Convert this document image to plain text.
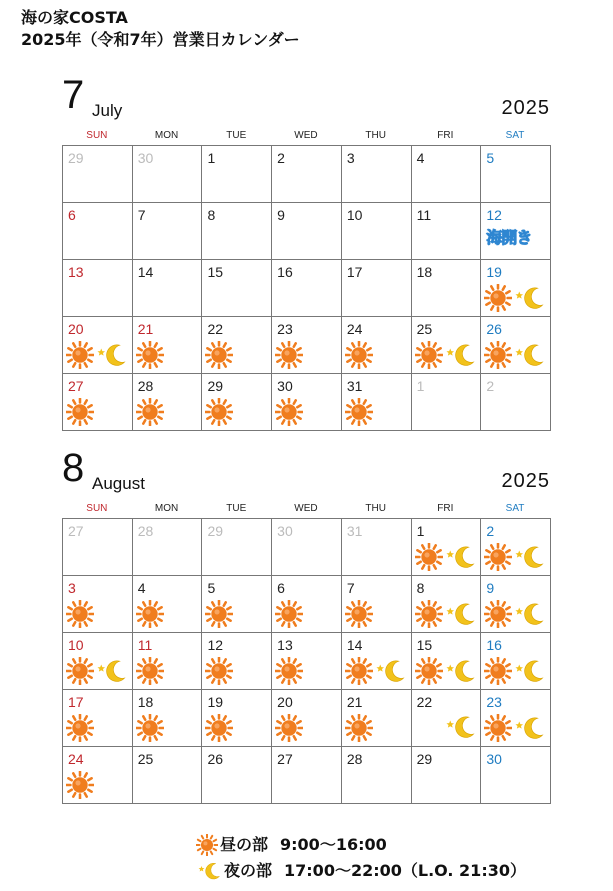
海の家COSTA
2025年（令和7年）営業日カレンダー
7 July	2025
SUN	MON	TUE	WED	THU	FRI	SAT
29	30	1	2	3	4	5
6	7	8	9	10	11	12
海開き
13	14	15	16	17	18	19
20	21	22	23	24	25	26
27	28	29	30	31	1	2
8 August	2025
SUN	MON	TUE	WED	THU	FRI	SAT
27	28	29	30	31	1	2
3	4	5	6	7	8	9
10	11	12	13	14	15	16
17	18	19	20	21	22	23
24	25	26	27	28	29	30
昼の部 9:00～16:00
夜の部 17:00～22:00（L.O. 21:30）
